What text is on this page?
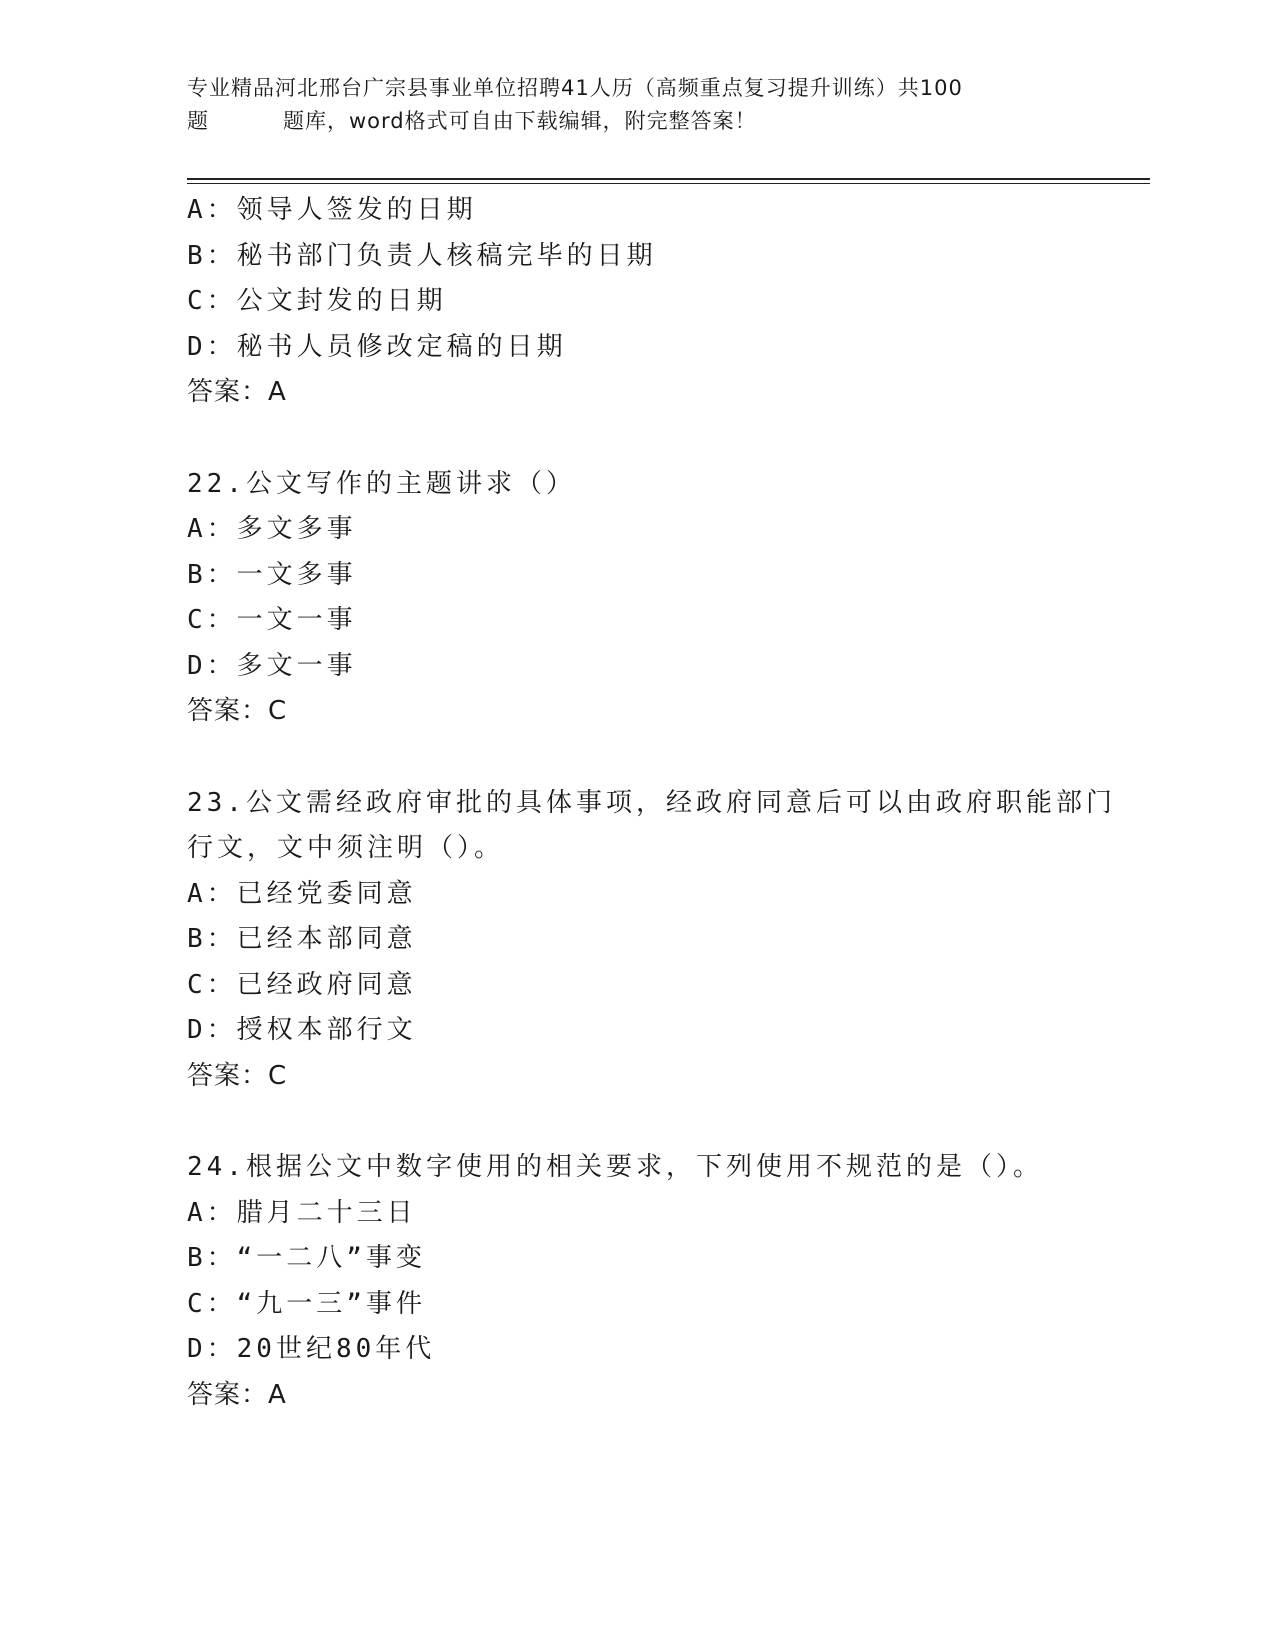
专业精品河北邢台广宗县事业单位招聘41人历（高频重点复习提升训练）共100
题	题库，word格式可自由下载编辑，附完整答案！
A：领导人签发的日期
B：秘书部门负责人核稿完毕的日期
C：公文封发的日期
D：秘书人员修改定稿的日期
答案：A
22.公文写作的主题讲求（）
A：多文多事
B：一文多事
C：一文一事
D：多文一事
答案：C
23.公文需经政府审批的具体事项，经政府同意后可以由政府职能部门
行文，文中须注明（）。
A：已经党委同意
B：已经本部同意
C：已经政府同意
D：授权本部行文
答案：C
24.根据公文中数字使用的相关要求，下列使用不规范的是（）。
A：腊月二十三日
B：“一二八”事变
C：“九一三”事件
D：20世纪80年代
答案：A
